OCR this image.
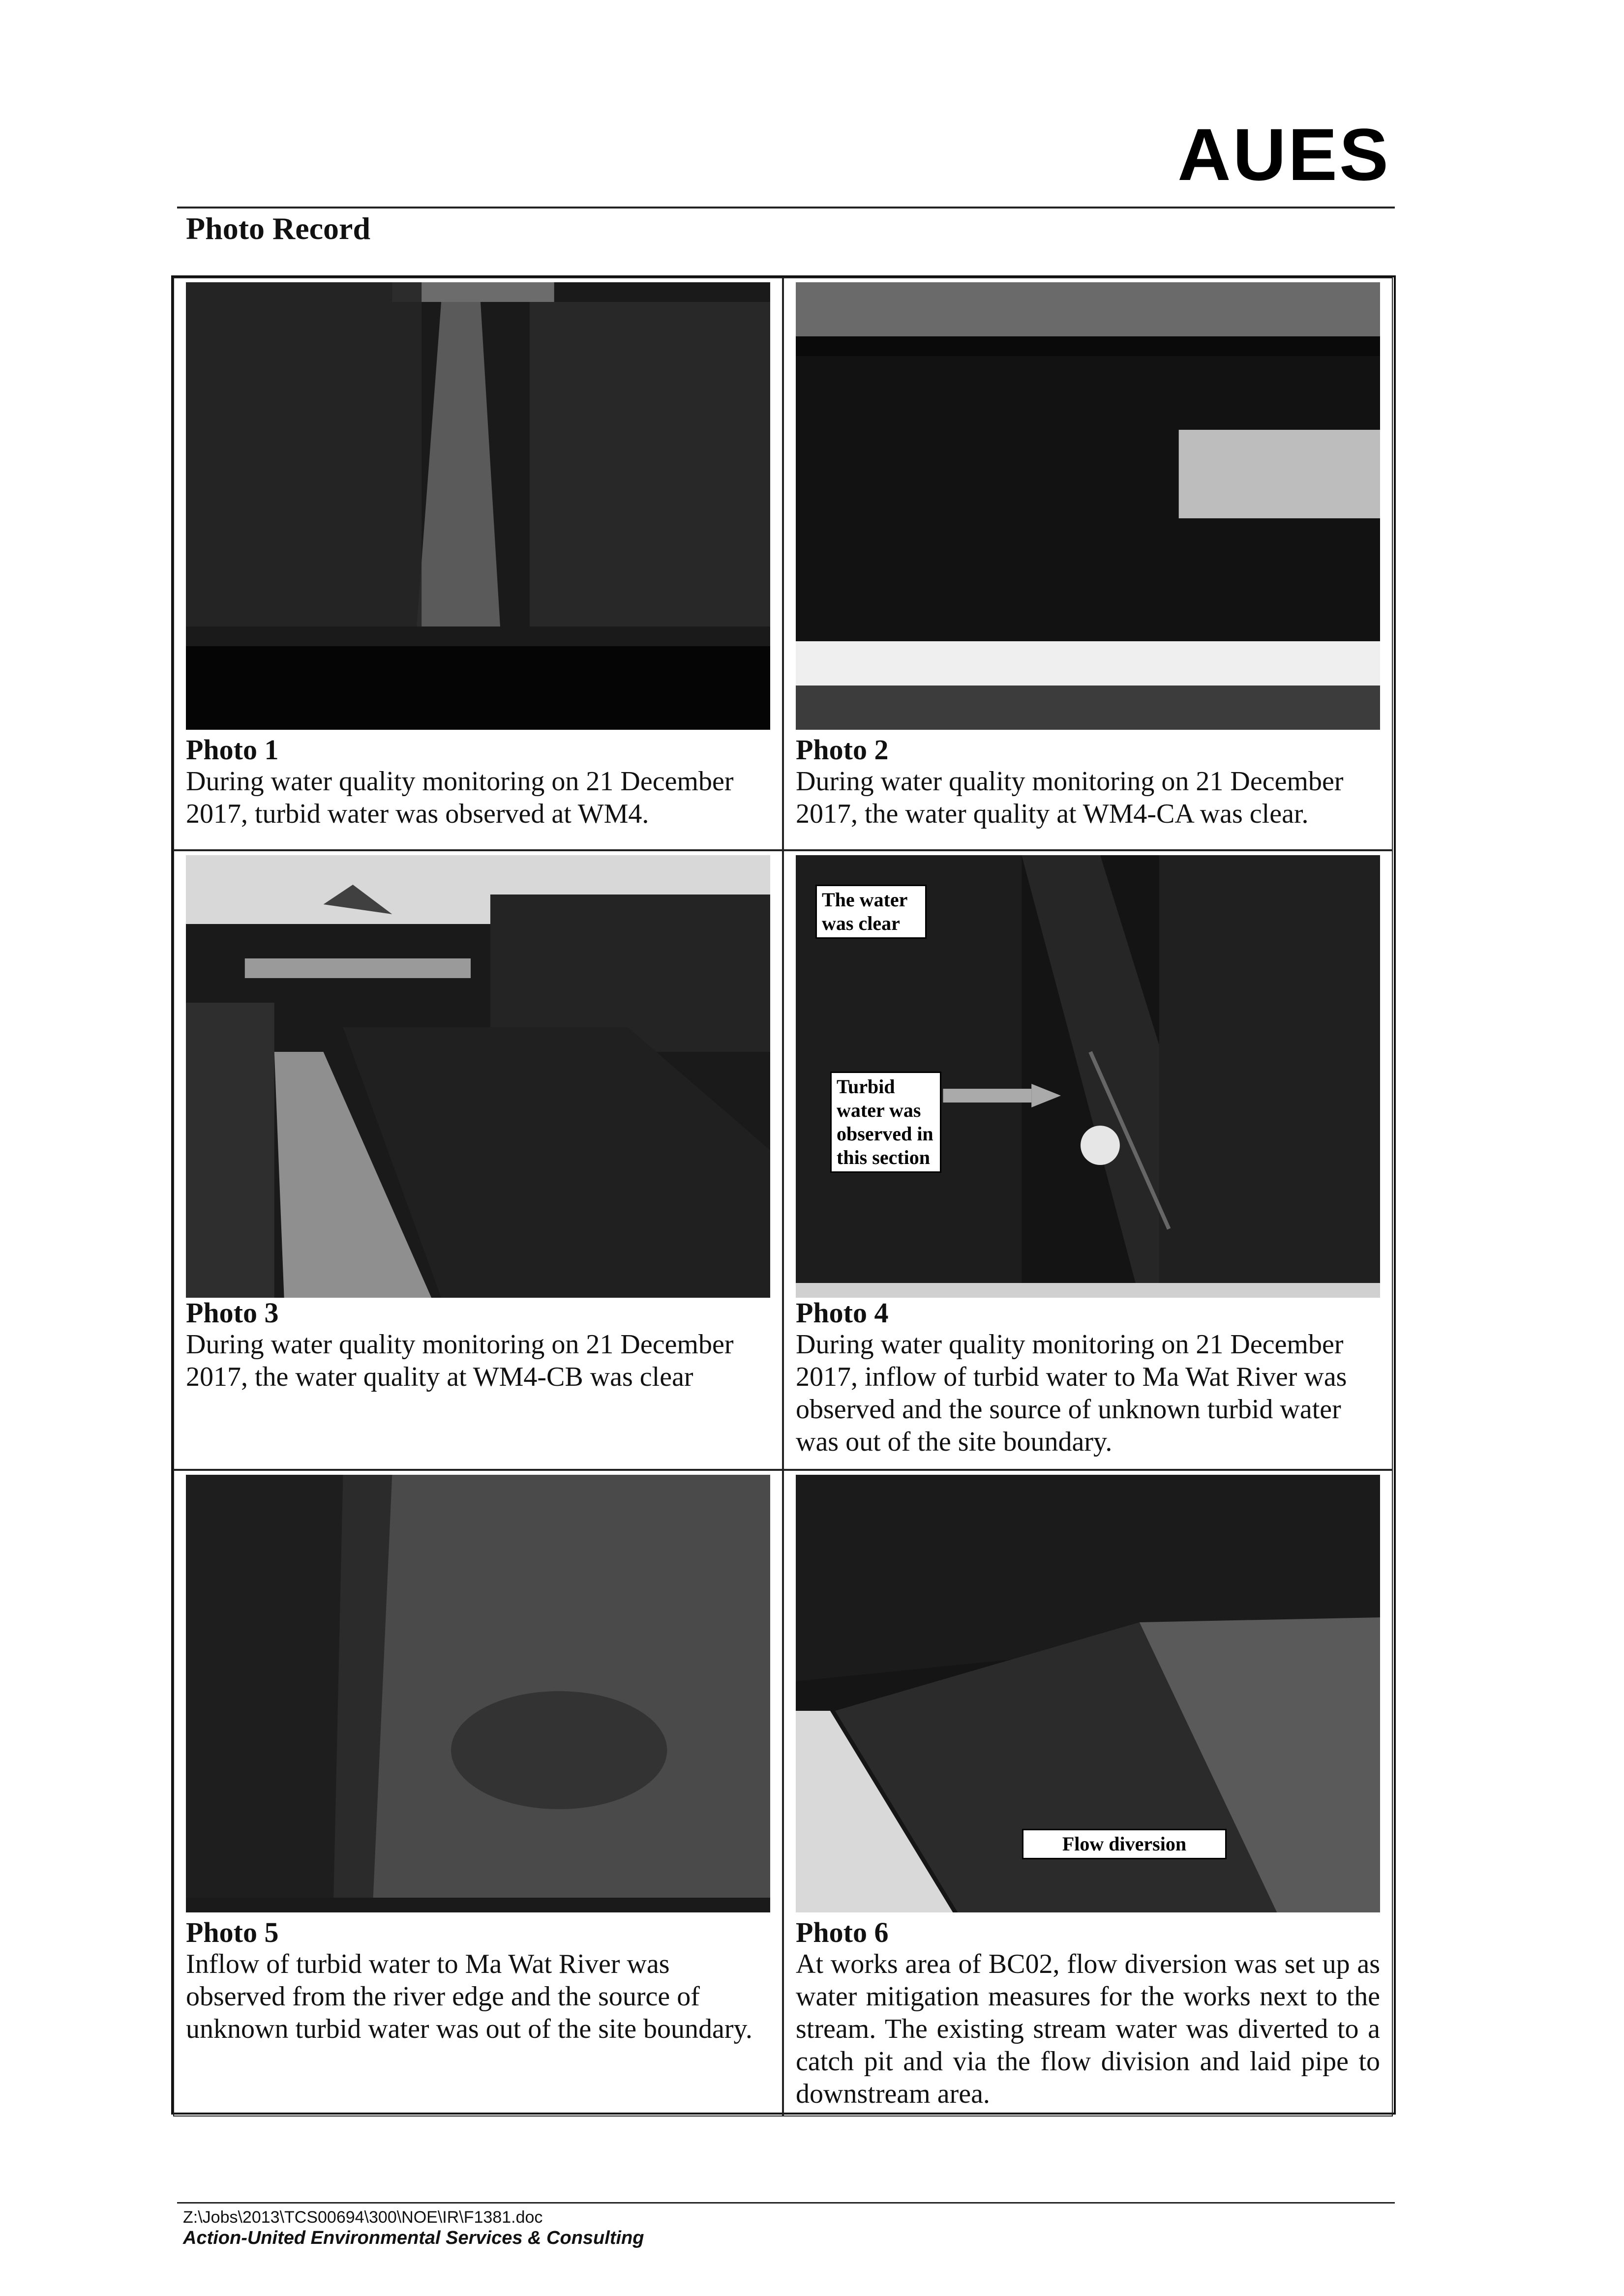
AUES
Photo Record
Photo 1
During water quality monitoring on 21 December 2017, turbid water was observed at WM4.
Photo 2
During water quality monitoring on 21 December 2017, the water quality at WM4-CA was clear.
Photo 3
During water quality monitoring on 21 December 2017, the water quality at WM4-CB was clear
The water was clear
Turbid water was observed in this section
Photo 4
During water quality monitoring on 21 December 2017, inflow of turbid water to Ma Wat River was observed and the source of unknown turbid water was out of the site boundary.
Photo 5
Inflow of turbid water to Ma Wat River was observed from the river edge and the source of unknown turbid water was out of the site boundary.
Flow diversion
Photo 6
At works area of BC02, flow diversion was set up as water mitigation measures for the works next to the stream. The existing stream water was diverted to a catch pit and via the flow division and laid pipe to downstream area.
Z:\Jobs\2013\TCS00694\300\NOE\IR\F1381.doc
Action-United Environmental Services & Consulting
